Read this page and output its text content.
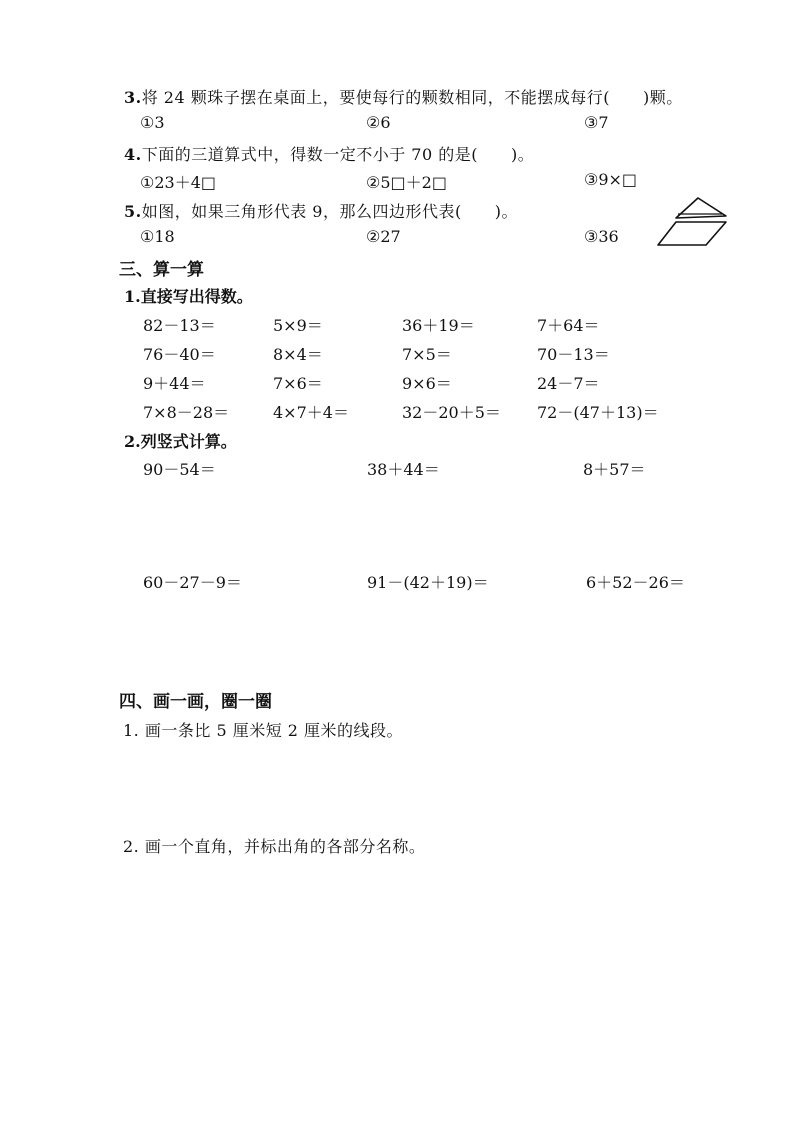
3.将 24 颗珠子摆在桌面上，要使每行的颗数相同，不能摆成每行(　　)颗。
①3	②6	③7
4.下面的三道算式中，得数一定不小于 70 的是(　　)。
①23＋4□	②5□＋2□	③9×□
5.如图，如果三角形代表 9，那么四边形代表(　　)。
①18	②27	③36
三、算一算
1.直接写出得数。
82－13＝	5×9＝	36＋19＝	7＋64＝
76－40＝	8×4＝	7×5＝	70－13＝
9＋44＝	7×6＝	9×6＝	24－7＝
7×8－28＝	4×7＋4＝	32－20＋5＝ 72－(47＋13)＝
2.列竖式计算。
90－54＝	38＋44＝	8＋57＝
60－27－9＝	91－(42＋19)＝	6＋52－26＝
四、画一画，圈一圈
1. 画一条比 5 厘米短 2 厘米的线段。
2. 画一个直角，并标出角的各部分名称。
